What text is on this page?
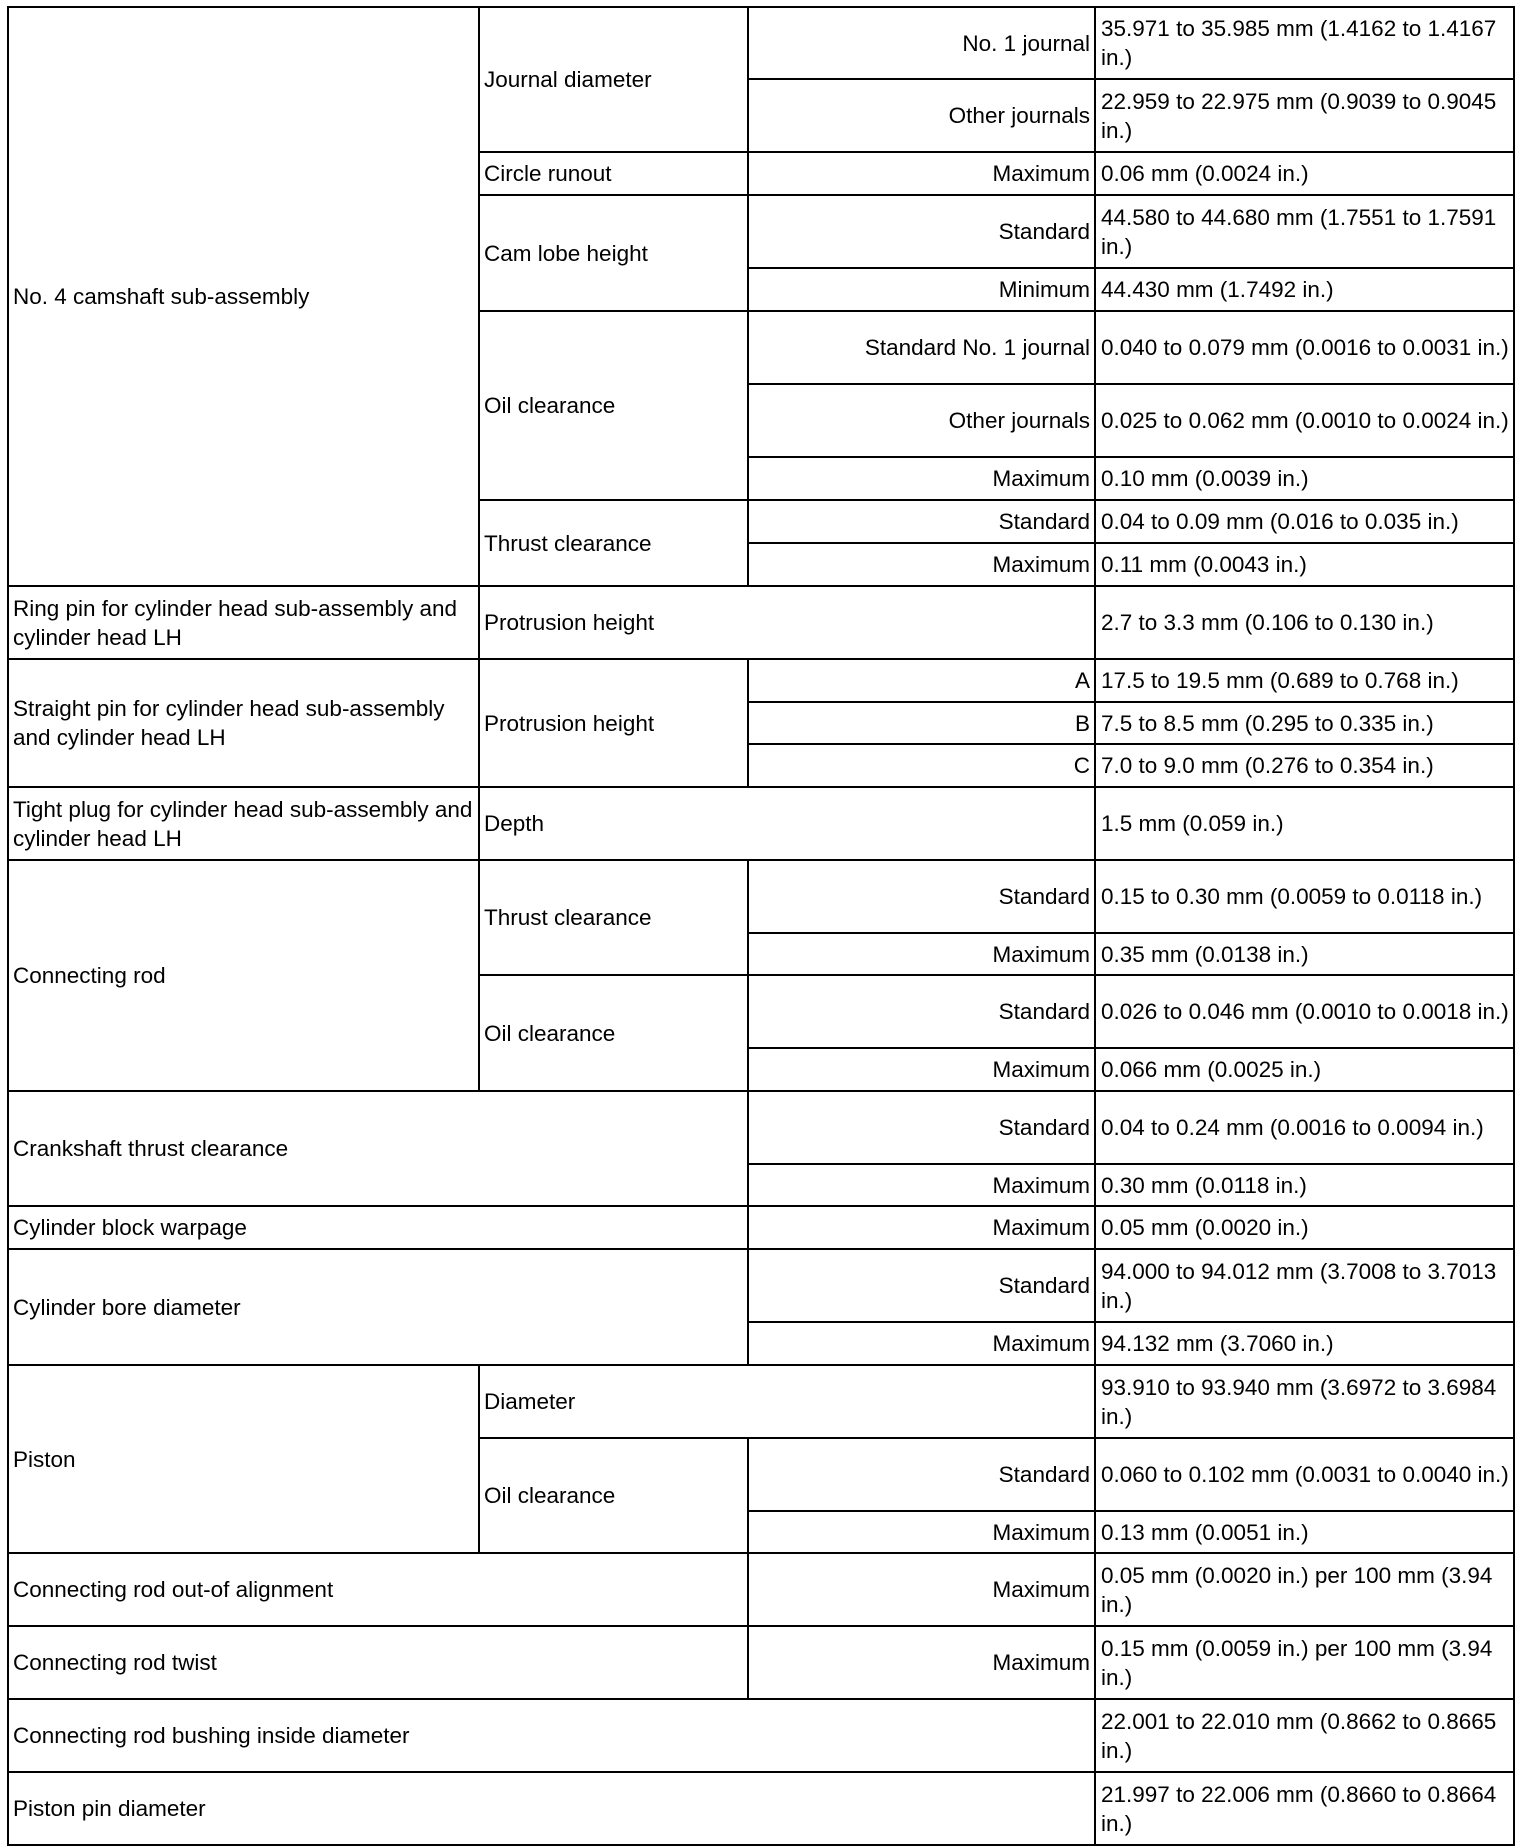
No. 4 camshaft sub-assembly	Journal diameter	No. 1 journal	35.971 to 35.985 mm (1.4162 to 1.4167 in.)
		Other journals	22.959 to 22.975 mm (0.9039 to 0.9045 in.)
	Circle runout	Maximum	0.06 mm (0.0024 in.)
	Cam lobe height	Standard	44.580 to 44.680 mm (1.7551 to 1.7591 in.)
		Minimum	44.430 mm (1.7492 in.)
	Oil clearance	Standard No. 1 journal	0.040 to 0.079 mm (0.0016 to 0.0031 in.)
		Other journals	0.025 to 0.062 mm (0.0010 to 0.0024 in.)
		Maximum	0.10 mm (0.0039 in.)
	Thrust clearance	Standard	0.04 to 0.09 mm (0.016 to 0.035 in.)
		Maximum	0.11 mm (0.0043 in.)
Ring pin for cylinder head sub-assembly and cylinder head LH	Protrusion height		2.7 to 3.3 mm (0.106 to 0.130 in.)
Straight pin for cylinder head sub-assembly and cylinder head LH	Protrusion height	A	17.5 to 19.5 mm (0.689 to 0.768 in.)
		B	7.5 to 8.5 mm (0.295 to 0.335 in.)
		C	7.0 to 9.0 mm (0.276 to 0.354 in.)
Tight plug for cylinder head sub-assembly and cylinder head LH	Depth		1.5 mm (0.059 in.)
Connecting rod	Thrust clearance	Standard	0.15 to 0.30 mm (0.0059 to 0.0118 in.)
		Maximum	0.35 mm (0.0138 in.)
	Oil clearance	Standard	0.026 to 0.046 mm (0.0010 to 0.0018 in.)
		Maximum	0.066 mm (0.0025 in.)
Crankshaft thrust clearance		Standard	0.04 to 0.24 mm (0.0016 to 0.0094 in.)
		Maximum	0.30 mm (0.0118 in.)
Cylinder block warpage		Maximum	0.05 mm (0.0020 in.)
Cylinder bore diameter		Standard	94.000 to 94.012 mm (3.7008 to 3.7013 in.)
		Maximum	94.132 mm (3.7060 in.)
Piston	Diameter		93.910 to 93.940 mm (3.6972 to 3.6984 in.)
	Oil clearance	Standard	0.060 to 0.102 mm (0.0031 to 0.0040 in.)
		Maximum	0.13 mm (0.0051 in.)
Connecting rod out-of alignment		Maximum	0.05 mm (0.0020 in.) per 100 mm (3.94 in.)
Connecting rod twist		Maximum	0.15 mm (0.0059 in.) per 100 mm (3.94 in.)
Connecting rod bushing inside diameter			22.001 to 22.010 mm (0.8662 to 0.8665 in.)
Piston pin diameter			21.997 to 22.006 mm (0.8660 to 0.8664 in.)
